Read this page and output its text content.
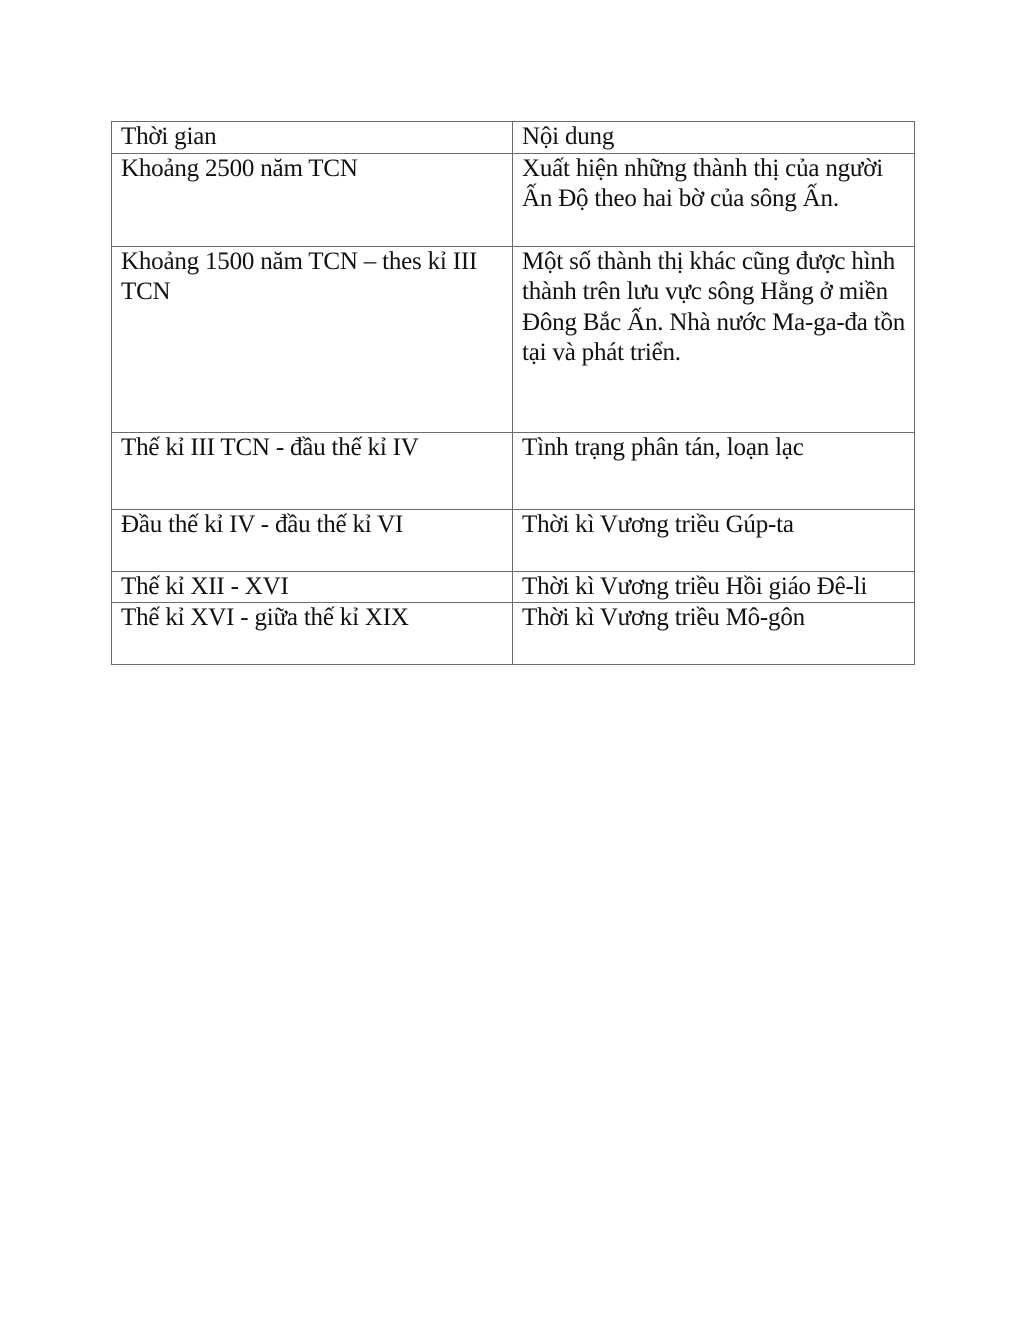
Thời gian	Nội dung
Khoảng 2500 năm TCN	Xuất hiện những thành thị của người Ấn Độ theo hai bờ của sông Ấn.
Khoảng 1500 năm TCN – thes kỉ III TCN	Một số thành thị khác cũng được hình thành trên lưu vực sông Hằng ở miền Đông Bắc Ấn. Nhà nước Ma-ga-đa tồn tại và phát triển.
Thế kỉ III TCN - đầu thế kỉ IV	Tình trạng phân tán, loạn lạc
Đầu thế kỉ IV - đầu thế kỉ VI	Thời kì Vương triều Gúp-ta
Thế kỉ XII - XVI	Thời kì Vương triều Hồi giáo Đê-li
Thế kỉ XVI - giữa thế kỉ XIX	Thời kì Vương triều Mô-gôn
